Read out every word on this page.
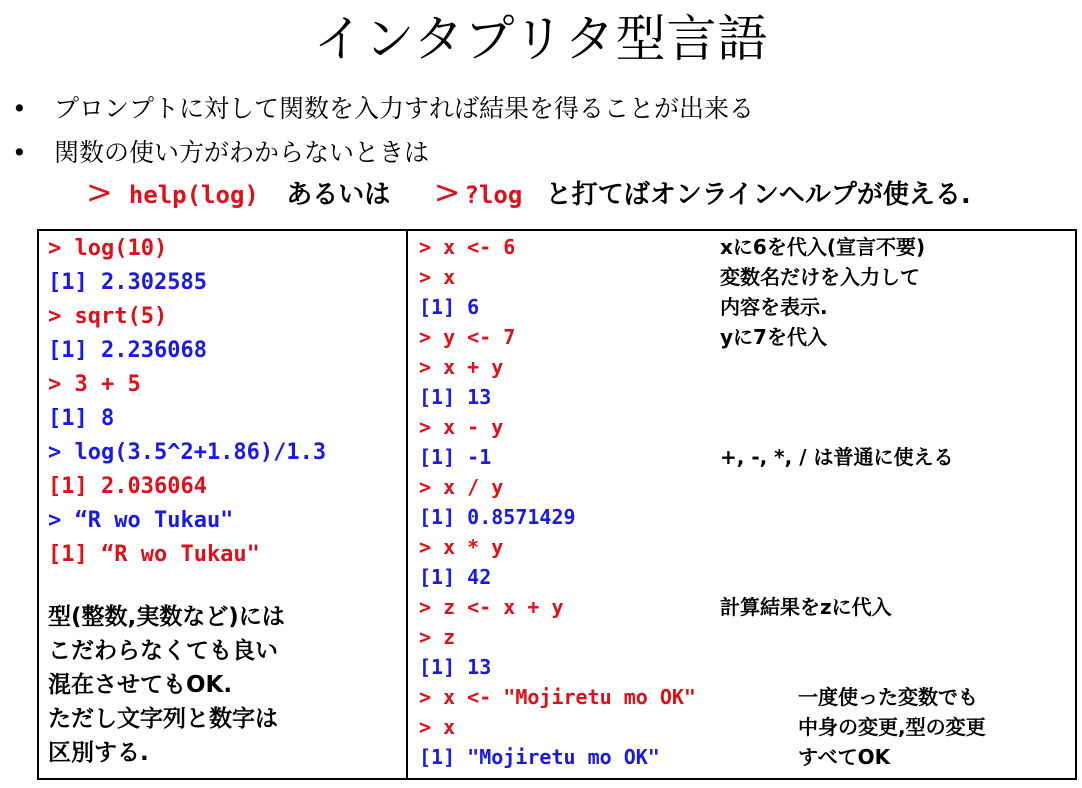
インタプリタ型言語
•	プロンプトに対して関数を入力すれば結果を得ることが出来る
•	関数の使い方がわからないときは
> help(log) あるいは > ?log と打てばオンラインヘルプが使える.
> log(10)
[1] 2.302585
> sqrt(5)
[1] 2.236068
> 3 + 5
[1] 8
> log(3.5^2+1.86)/1.3
[1] 2.036064
> “R wo Tukau"
[1] “R wo Tukau"
型(整数,実数など)には
こだわらなくても良い
混在させてもOK.
ただし文字列と数字は
区別する.
> x <- 6
> x
[1] 6
> y <- 7
> x + y
[1] 13
> x - y
[1] -1
> x / y
[1] 0.8571429
> x * y
[1] 42
> z <- x + y
> z
[1] 13
> x <- "Mojiretu mo OK"
> x
[1] "Mojiretu mo OK"
xに6を代入(宣言不要)
変数名だけを入力して
内容を表示.
yに7を代入
+, -, *, / は普通に使える
計算結果をzに代入
一度使った変数でも
中身の変更,型の変更
すべてOK
